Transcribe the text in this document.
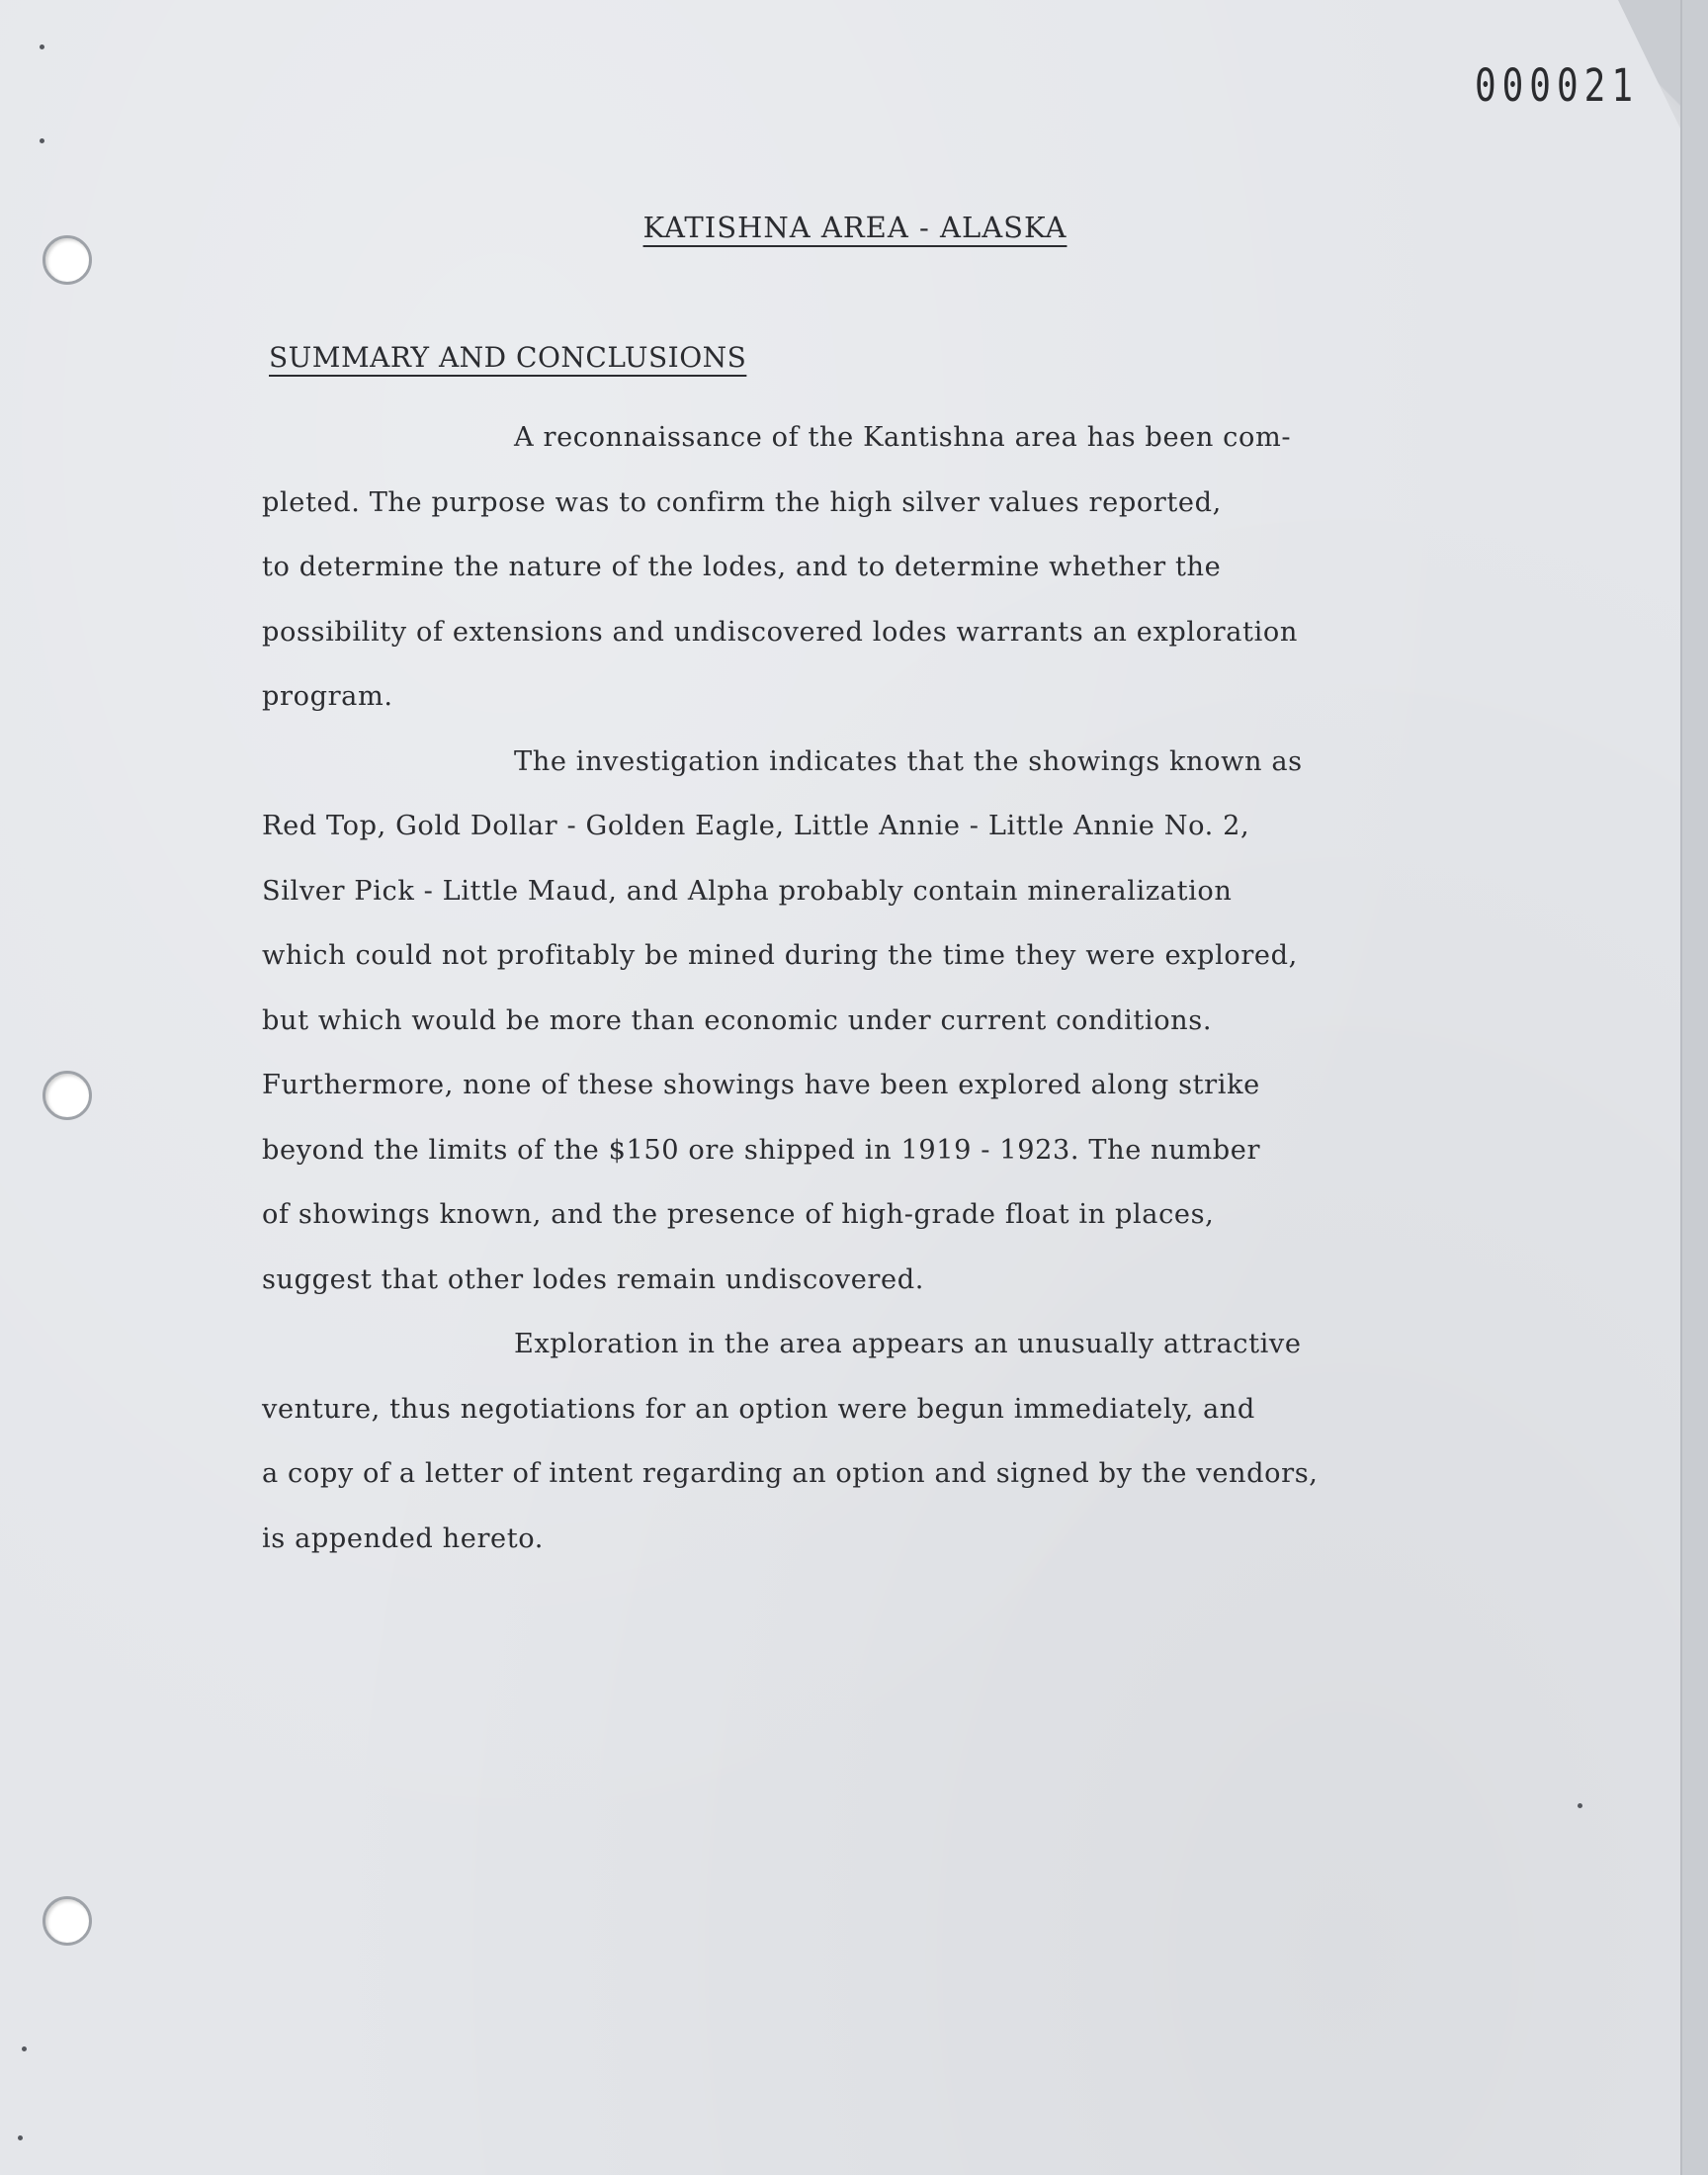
000021
KATISHNA AREA - ALASKA
SUMMARY AND CONCLUSIONS

A reconnaissance of the Kantishna area has been com-
pleted. The purpose was to confirm the high silver values reported,
to determine the nature of the lodes, and to determine whether the
possibility of extensions and undiscovered lodes warrants an exploration
program.

The investigation indicates that the showings known as
Red Top, Gold Dollar - Golden Eagle, Little Annie - Little Annie No. 2,
Silver Pick - Little Maud, and Alpha probably contain mineralization
which could not profitably be mined during the time they were explored,
but which would be more than economic under current conditions.
Furthermore, none of these showings have been explored along strike
beyond the limits of the $150 ore shipped in 1919 - 1923. The number
of showings known, and the presence of high-grade float in places,
suggest that other lodes remain undiscovered.

Exploration in the area appears an unusually attractive
venture, thus negotiations for an option were begun immediately, and
a copy of a letter of intent regarding an option and signed by the vendors,
is appended hereto.
